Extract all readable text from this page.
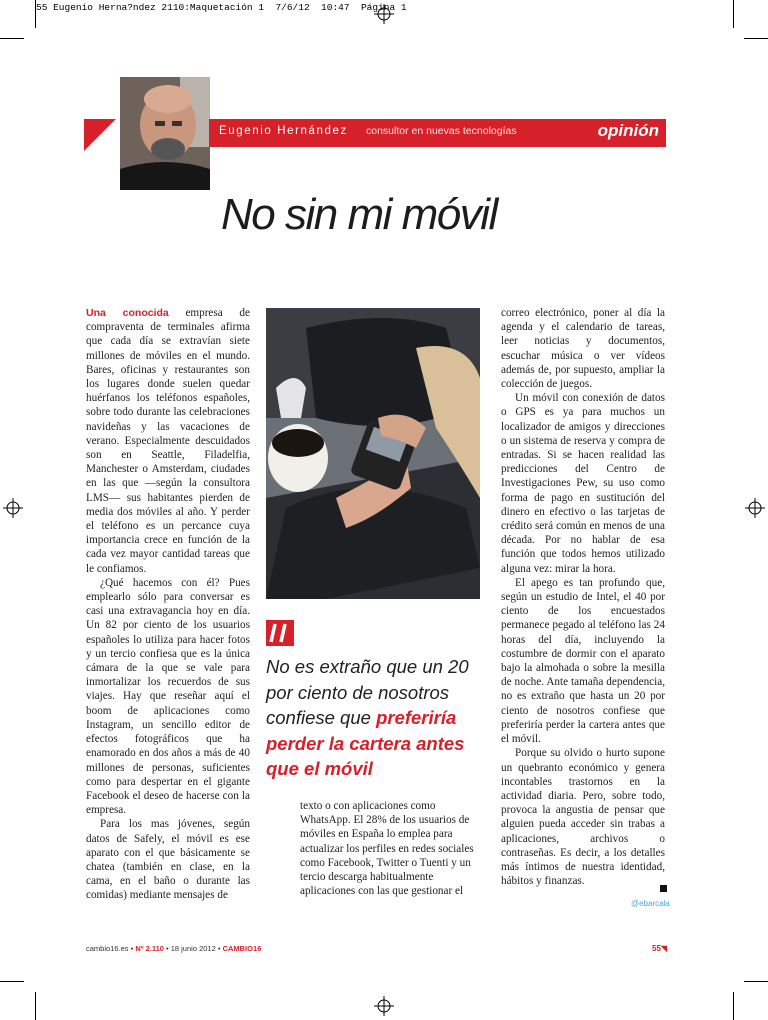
55 Eugenio Herna?ndez 2110:Maquetación 1  7/6/12  10:47  Página 1
Eugenio Hernández consultor en nuevas tecnologías	opinión
No sin mi móvil

Una conocida empresa de compraventa de terminales afirma que cada día se extravían siete millones de móviles en el mundo. Bares, oficinas y restaurantes son los lugares donde suelen quedar huérfanos los teléfonos españoles, sobre todo durante las celebraciones navideñas y las vacaciones de verano. Especialmente descuidados son en Seattle, Filadelfia, Manchester o Amsterdam, ciudades en las que —según la consultora LMS— sus habitantes pierden de media dos móviles al año. Y perder el teléfono es un percance cuya importancia crece en función de la cada vez mayor cantidad tareas que le confiamos.

¿Qué hacemos con él? Pues emplearlo sólo para conversar es casi una extravagancia hoy en día. Un 82 por ciento de los usuarios españoles lo utiliza para hacer fotos y un tercio confiesa que es la única cámara de la que se vale para inmortalizar los recuerdos de sus viajes. Hay que reseñar aquí el boom de aplicaciones como Instagram, un sencillo editor de efectos fotográficos que ha enamorado en dos años a más de 40 millones de personas, suficientes como para despertar en el gigante Facebook el deseo de hacerse con la empresa.

Para los mas jóvenes, según datos de Safely, el móvil es ese aparato con el que básicamente se chatea (también en clase, en la cama, en el baño o durante las comidas) mediante mensajes de

No es extraño que un 20 por ciento de nosotros confiese que preferiría perder la cartera antes que el móvil

texto o con aplicaciones como WhatsApp. El 28% de los usuarios de móviles en España lo emplea para actualizar los perfiles en redes sociales como Facebook, Twitter o Tuenti y un tercio descarga habitualmente aplicaciones con las que gestionar el

correo electrónico, poner al día la agenda y el calendario de tareas, leer noticias y documentos, escuchar música o ver vídeos además de, por supuesto, ampliar la colección de juegos.

Un móvil con conexión de datos o GPS es ya para muchos un localizador de amigos y direcciones o un sistema de reserva y compra de entradas. Si se hacen realidad las predicciones del Centro de Investigaciones Pew, su uso como forma de pago en sustitución del dinero en efectivo o las tarjetas de crédito será común en menos de una década. Por no hablar de esa función que todos hemos utilizado alguna vez: mirar la hora.

El apego es tan profundo que, según un estudio de Intel, el 40 por ciento de los encuestados permanece pegado al teléfono las 24 horas del día, incluyendo la costumbre de dormir con el aparato bajo la almohada o sobre la mesilla de noche. Ante tamaña dependencia, no es extraño que hasta un 20 por ciento de nosotros confiese que preferiría perder la cartera antes que el móvil.

Porque su olvido o hurto supone un quebranto económico y genera incontables trastornos en la actividad diaria. Pero, sobre todo, provoca la angustia de pensar que alguien pueda acceder sin trabas a aplicaciones, archivos o contraseñas. Es decir, a los detalles más íntimos de nuestra identidad, hábitos y finanzas.

@ebarcala
cambio16.es • Nº 2.110 • 18 junio 2012 • CAMBIO16	55◥
